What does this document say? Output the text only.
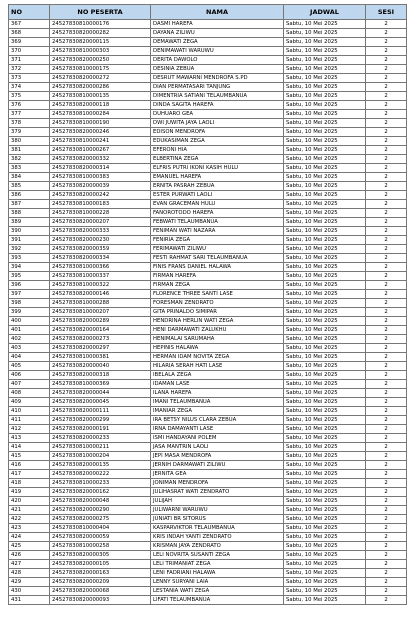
NO	NO PESERTA	NAMA	JADWAL	SESI
367	24527830810000176	DASMI HAREFA	Sabtu, 10 Mei 2025	2
368	24527830820000282	DAYANA ZILIWU	Sabtu, 10 Mei 2025	2
369	24527830820000115	DEMAWATI ZEGA	Sabtu, 10 Mei 2025	2
370	24527830810000303	DENIMAWATI WARUWU	Sabtu, 10 Mei 2025	2
371	24527830820000250	DERITA DAWOLO	Sabtu, 10 Mei 2025	2
372	24527830810000175	DESINIA ZEBUA	Sabtu, 10 Mei 2025	2
373	24527830820000272	DESRUT MAWARNI MENDROFA S.PD	Sabtu, 10 Mei 2025	2
374	24527830820000286	DIAN PERMATASARI TANJUNG	Sabtu, 10 Mei 2025	2
375	24527830810000135	DIMENTRIA SATIANI TELAUMBANUA	Sabtu, 10 Mei 2025	2
376	24527830820000118	DINDA SAGITA HAREFA	Sabtu, 10 Mei 2025	2
377	24527830810000284	DUHUARO GEA	Sabtu, 10 Mei 2025	2
378	24527830810000190	DWI JUWITA JAYA LAOLI	Sabtu, 10 Mei 2025	2
379	24527830820000246	EDISON MENDROFA	Sabtu, 10 Mei 2025	2
380	24527830810000241	EDUKASIMAN ZEGA	Sabtu, 10 Mei 2025	2
381	24527830810000267	EFERONI HIA	Sabtu, 10 Mei 2025	2
382	24527830820000332	ELBERTINA ZEGA	Sabtu, 10 Mei 2025	2
383	24527830820000314	ELFRIS PUTRI IKONI KASIH HULU	Sabtu, 10 Mei 2025	2
384	24527830810000383	EMANUEL HAREFA	Sabtu, 10 Mei 2025	2
385	24527830820000039	ERNITA PASRAH ZEBUA	Sabtu, 10 Mei 2025	2
386	24527830820000242	ESTER PURWATI LAOLI	Sabtu, 10 Mei 2025	2
387	24527830810000183	EVAN GRACEMAN HULU	Sabtu, 10 Mei 2025	2
388	24527830810000228	FANOROTODO HAREFA	Sabtu, 10 Mei 2025	2
389	24527830820000207	FEBWATI TELAUMBANUA	Sabtu, 10 Mei 2025	2
390	24527830820000333	FENIMAN WATI NAZARA	Sabtu, 10 Mei 2025	2
391	24527830820000230	FENIRIA ZEGA	Sabtu, 10 Mei 2025	2
392	24527830820000359	FERIMAWATI ZILIWU	Sabtu, 10 Mei 2025	2
393	24527830820000334	FESTI RAHMAT SARI TELAUMBANUA	Sabtu, 10 Mei 2025	2
394	24527830810000366	FINIS FRANS DANIEL HALAWA	Sabtu, 10 Mei 2025	2
395	24527830810000337	FIRMAN HAREFA	Sabtu, 10 Mei 2025	2
396	24527830810000322	FIRMAN ZEGA	Sabtu, 10 Mei 2025	2
397	24527830820000146	FLORENCE THREE SANTI LASE	Sabtu, 10 Mei 2025	2
398	24527830810000288	FORESMAN ZENDRATO	Sabtu, 10 Mei 2025	2
399	24527830810000207	GITA PRINALDO SIMIPAR	Sabtu, 10 Mei 2025	2
400	24527830820000289	HENDRINA HERLIN WATI ZEGA	Sabtu, 10 Mei 2025	2
401	24527830820000164	HENI DARMAWATI ZALUKHU	Sabtu, 10 Mei 2025	2
402	24527830820000273	HENIMALAI SARUMAHA	Sabtu, 10 Mei 2025	2
403	24527830820000297	HEPINIS HALAWA	Sabtu, 10 Mei 2025	2
404	24527830810000381	HERMAN IDAM NOVITA ZEGA	Sabtu, 10 Mei 2025	2
405	24527830820000040	HILARIA SERAH HATI LASE	Sabtu, 10 Mei 2025	2
406	24527830820000318	IBELALA ZEGA	Sabtu, 10 Mei 2025	2
407	24527830810000369	IDAMAN LASE	Sabtu, 10 Mei 2025	2
408	24527830820000044	ILANA HAREFA	Sabtu, 10 Mei 2025	2
409	24527830820000045	IMANI TELAUMBANUA	Sabtu, 10 Mei 2025	2
410	24527830820000111	IMANIAR ZEGA	Sabtu, 10 Mei 2025	2
411	24527830820000299	IRA BETSY NILUS CLARA ZEBUA	Sabtu, 10 Mei 2025	2
412	24527830820000191	IRNA DAMAYANTI LASE	Sabtu, 10 Mei 2025	2
413	24527830820000233	ISMI HANDAYANI POLEM	Sabtu, 10 Mei 2025	2
414	24527830810000211	JASA MANTRIN LAOLI	Sabtu, 10 Mei 2025	2
415	24527830810000204	JEPI MASA MENDROFA	Sabtu, 10 Mei 2025	2
416	24527830820000135	JERNIH DARMAWATI ZILIWU	Sabtu, 10 Mei 2025	2
417	24527830820000222	JERNITA GEA	Sabtu, 10 Mei 2025	2
418	24527830810000233	JONIMAN MENDROFA	Sabtu, 10 Mei 2025	2
419	24527830820000162	JULIHASRAT WATI ZENDRATO	Sabtu, 10 Mei 2025	2
420	24527830820000048	JULIJAH	Sabtu, 10 Mei 2025	2
421	24527830820000290	JULIWARNI WARUWU	Sabtu, 10 Mei 2025	2
422	24527830820000275	JUNIATI BR SITORUS	Sabtu, 10 Mei 2025	2
423	24527830810000404	KASPARVIKTOR TELAUMBANUA	Sabtu, 10 Mei 2025	2
424	24527830820000059	KRIS INDAH YANTI ZENDRATO	Sabtu, 10 Mei 2025	2
425	24527830810000258	KRISMAN JAYA ZENDRATO	Sabtu, 10 Mei 2025	2
426	24527830820000305	LELI NOVRITA SUSANTI ZEGA	Sabtu, 10 Mei 2025	2
427	24527830820000105	LELI TRIMANIAT ZEGA	Sabtu, 10 Mei 2025	2
428	24527830820000163	LENI FADRIANI HALAWA	Sabtu, 10 Mei 2025	2
429	24527830820000209	LENNY SURYANI LAIA	Sabtu, 10 Mei 2025	2
430	24527830820000068	LESTANIA WATI ZEGA	Sabtu, 10 Mei 2025	2
431	24527830820000093	LIFATI TELAUMBANUA	Sabtu, 10 Mei 2025	2
